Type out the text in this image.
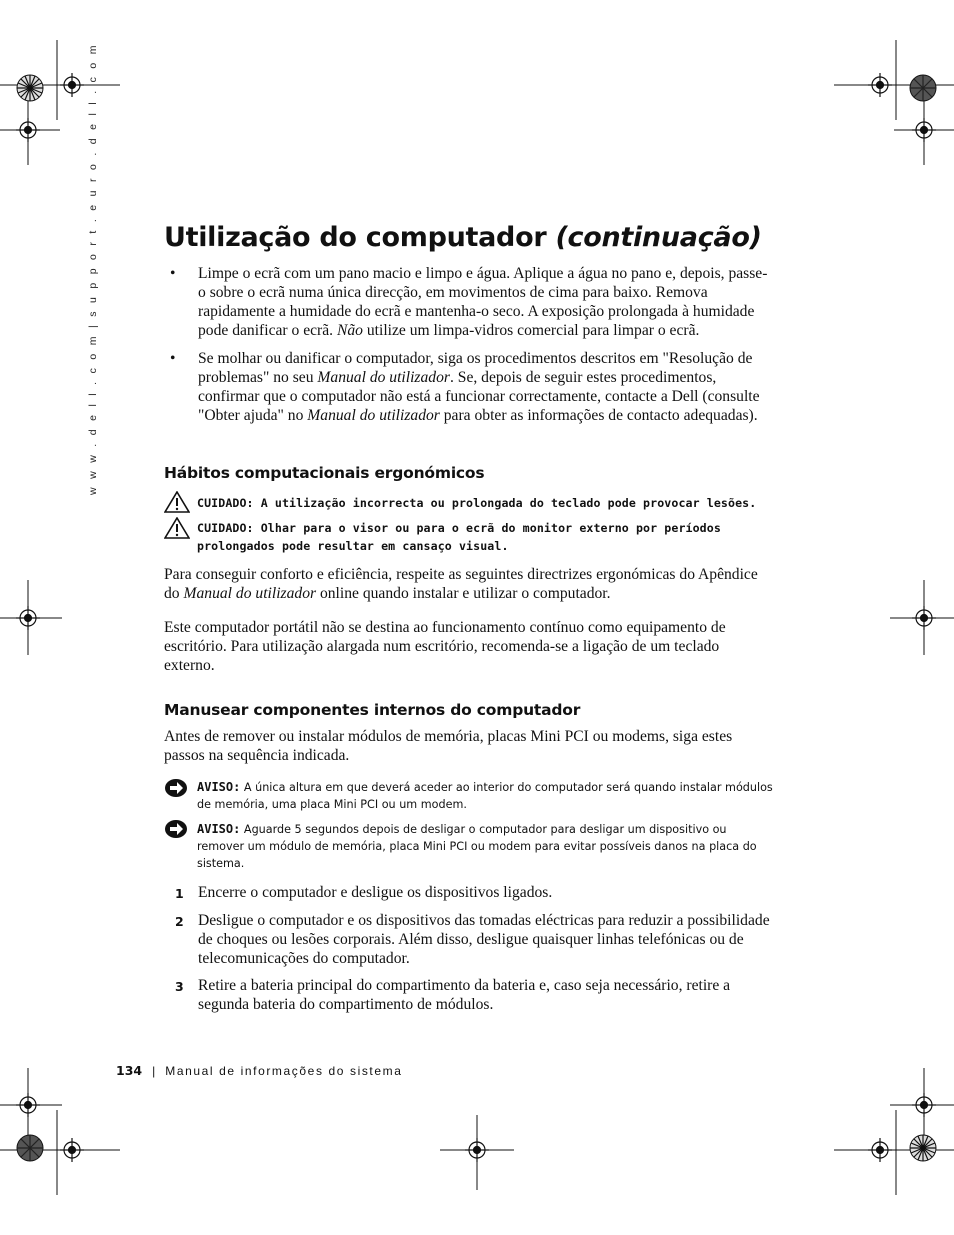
w w w . d e l l . c o m | s u p p o r t . e u r o . d e l l . c o m Utilização do computador (continuação)
•	Limpe o ecrã com um pano macio e limpo e água. Aplique a água no pano e, depois, passe-o sobre o ecrã numa única direcção, em movimentos de cima para baixo. Remova rapidamente a humidade do ecrã e mantenha-o seco. A exposição prolongada à humidade pode danificar o ecrã. Não utilize um limpa-vidros comercial para limpar o ecrã.
•	Se molhar ou danificar o computador, siga os procedimentos descritos em "Resolução de problemas" no seu Manual do utilizador. Se, depois de seguir estes procedimentos, confirmar que o computador não está a funcionar correctamente, contacte a Dell (consulte "Obter ajuda" no Manual do utilizador para obter as informações de contacto adequadas).
Hábitos computacionais ergonómicos
CUIDADO: A utilização incorrecta ou prolongada do teclado pode provocar lesões.
CUIDADO: Olhar para o visor ou para o ecrã do monitor externo por períodos prolongados pode resultar em cansaço visual.
Para conseguir conforto e eficiência, respeite as seguintes directrizes ergonómicas do Apêndice do Manual do utilizador online quando instalar e utilizar o computador.
Este computador portátil não se destina ao funcionamento contínuo como equipamento de escritório. Para utilização alargada num escritório, recomenda-se a ligação de um teclado externo.
Manusear componentes internos do computador
Antes de remover ou instalar módulos de memória, placas Mini PCI ou modems, siga estes passos na sequência indicada.
AVISO: A única altura em que deverá aceder ao interior do computador será quando instalar módulos de memória, uma placa Mini PCI ou um modem.
AVISO: Aguarde 5 segundos depois de desligar o computador para desligar um dispositivo ou remover um módulo de memória, placa Mini PCI ou modem para evitar possíveis danos na placa do sistema.
1 Encerre o computador e desligue os dispositivos ligados.
2 Desligue o computador e os dispositivos das tomadas eléctricas para reduzir a possibilidade de choques ou lesões corporais. Além disso, desligue quaisquer linhas telefónicas ou de telecomunicações do computador.
3 Retire a bateria principal do compartimento da bateria e, caso seja necessário, retire a segunda bateria do compartimento de módulos.
134 | Manual de informações do sistema
